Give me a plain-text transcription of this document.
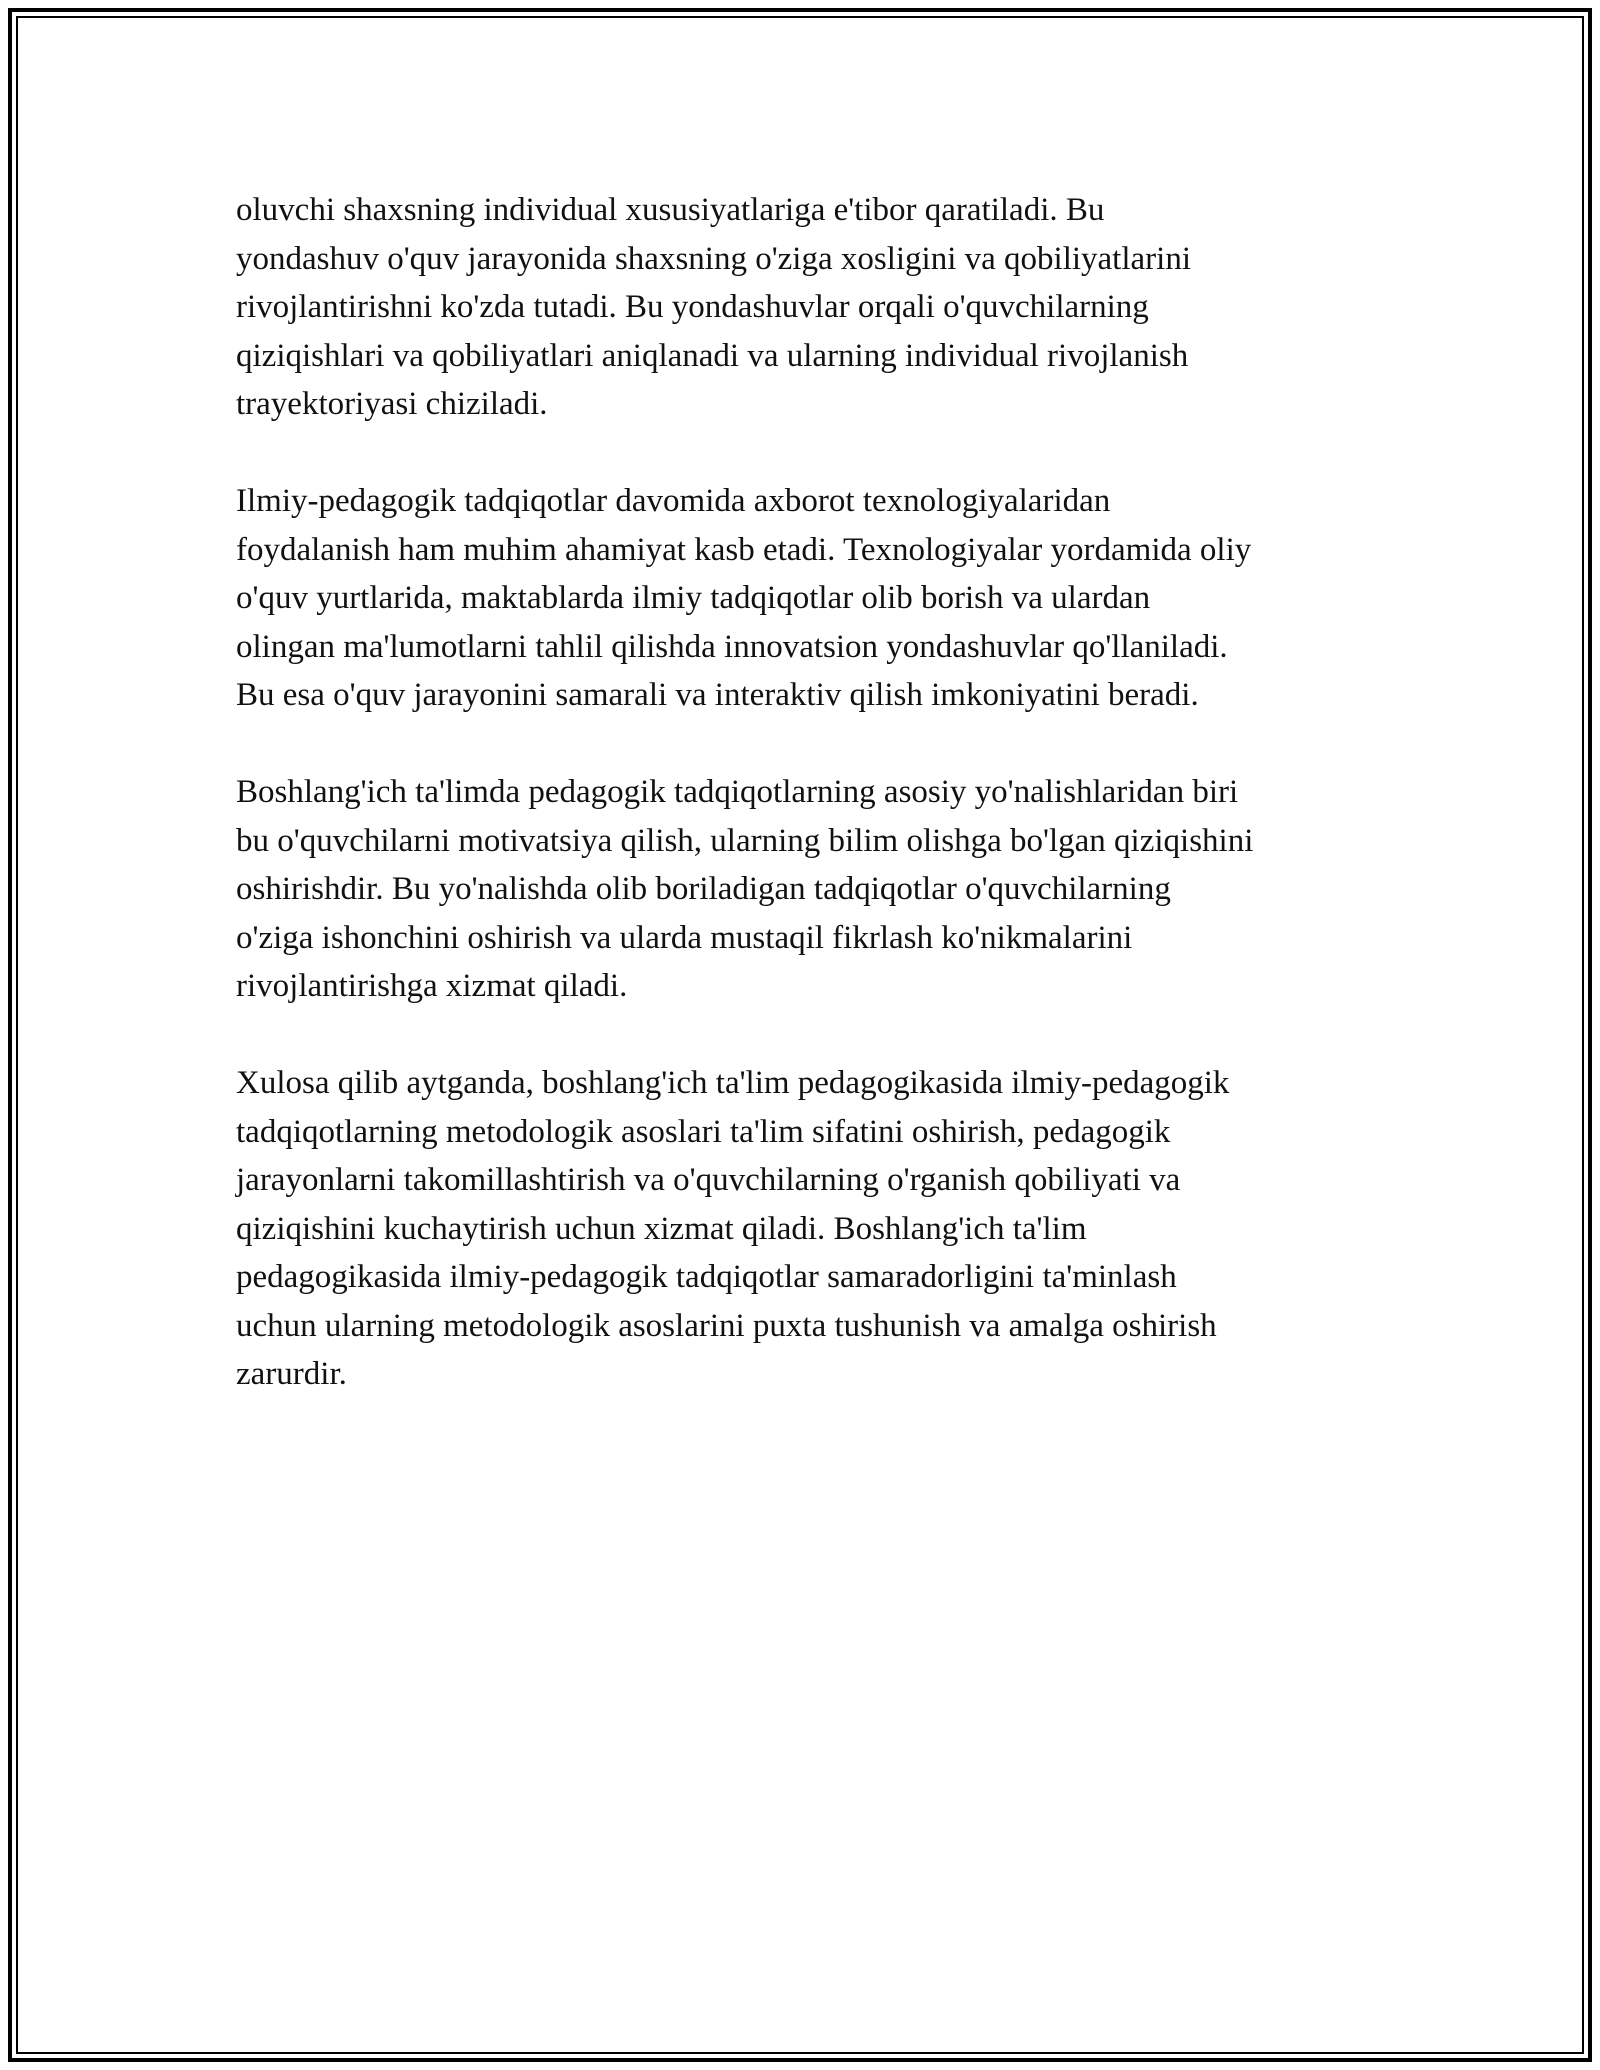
oluvchi shaxsning individual xususiyatlariga e'tibor qaratiladi. Bu
yondashuv o'quv jarayonida shaxsning o'ziga xosligini va qobiliyatlarini
rivojlantirishni ko'zda tutadi. Bu yondashuvlar orqali o'quvchilarning
qiziqishlari va qobiliyatlari aniqlanadi va ularning individual rivojlanish
trayektoriyasi chiziladi.

Ilmiy-pedagogik tadqiqotlar davomida axborot texnologiyalaridan
foydalanish ham muhim ahamiyat kasb etadi. Texnologiyalar yordamida oliy
o'quv yurtlarida, maktablarda ilmiy tadqiqotlar olib borish va ulardan
olingan ma'lumotlarni tahlil qilishda innovatsion yondashuvlar qo'llaniladi.
Bu esa o'quv jarayonini samarali va interaktiv qilish imkoniyatini beradi.

Boshlang'ich ta'limda pedagogik tadqiqotlarning asosiy yo'nalishlaridan biri
bu o'quvchilarni motivatsiya qilish, ularning bilim olishga bo'lgan qiziqishini
oshirishdir. Bu yo'nalishda olib boriladigan tadqiqotlar o'quvchilarning
o'ziga ishonchini oshirish va ularda mustaqil fikrlash ko'nikmalarini
rivojlantirishga xizmat qiladi.

Xulosa qilib aytganda, boshlang'ich ta'lim pedagogikasida ilmiy-pedagogik
tadqiqotlarning metodologik asoslari ta'lim sifatini oshirish, pedagogik
jarayonlarni takomillashtirish va o'quvchilarning o'rganish qobiliyati va
qiziqishini kuchaytirish uchun xizmat qiladi. Boshlang'ich ta'lim
pedagogikasida ilmiy-pedagogik tadqiqotlar samaradorligini ta'minlash
uchun ularning metodologik asoslarini puxta tushunish va amalga oshirish
zarurdir.
